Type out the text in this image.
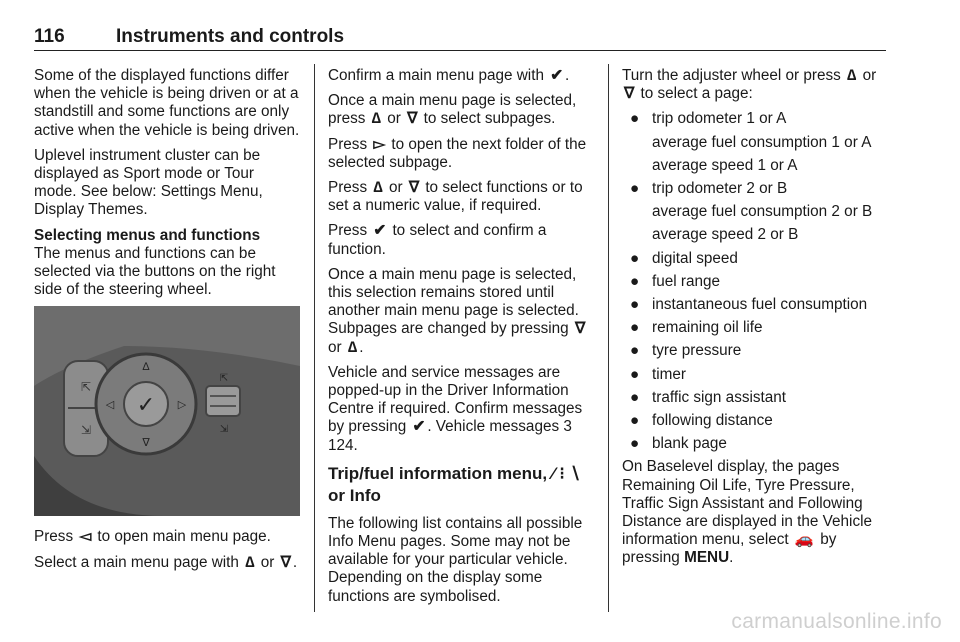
116	Instruments and controls

Some of the displayed functions differ when the vehicle is being driven or at a standstill and some functions are only active when the vehicle is being driven.

Uplevel instrument cluster can be displayed as Sport mode or Tour mode. See below: Settings Menu, Display Themes.

Selecting menus and functions

The menus and functions can be selected via the buttons on the right side of the steering wheel.

⇱
⇲
✓
∆
∇
◁	▷
⇱
⇲

Press ◅ to open main menu page.

Select a main menu page with ∆ or ∇ .

Confirm a main menu page with ✔ .

Once a main menu page is selected, press ∆ or ∇ to select subpages.

Press ▻ to open the next folder of the selected subpage.

Press ∆ or ∇ to select functions or to set a numeric value, if required.

Press ✔ to select and confirm a function.

Once a main menu page is selected, this selection remains stored until another main menu page is selected. Subpages are changed by pressing ∇ or ∆ .

Vehicle and service messages are popped-up in the Driver Information Centre if required. Confirm messages by pressing ✔ . Vehicle messages 3 124.

Trip/fuel information menu, ⁄ ⁝ ∖
or Info

The following list contains all possible Info Menu pages. Some may not be available for your particular vehicle. Depending on the display some functions are symbolised.

Turn the adjuster wheel or press ∆ or ∇ to select a page:

● trip odometer 1 or A
average fuel consumption 1 or A
average speed 1 or A
● trip odometer 2 or B
average fuel consumption 2 or B
average speed 2 or B
● digital speed
● fuel range
● instantaneous fuel consumption
● remaining oil life
● tyre pressure
● timer
● traffic sign assistant
● following distance
● blank page

On Baselevel display, the pages Remaining Oil Life, Tyre Pressure, Traffic Sign Assistant and Following Distance are displayed in the Vehicle information menu, select 🚗 by pressing MENU.

carmanualsonline.info
